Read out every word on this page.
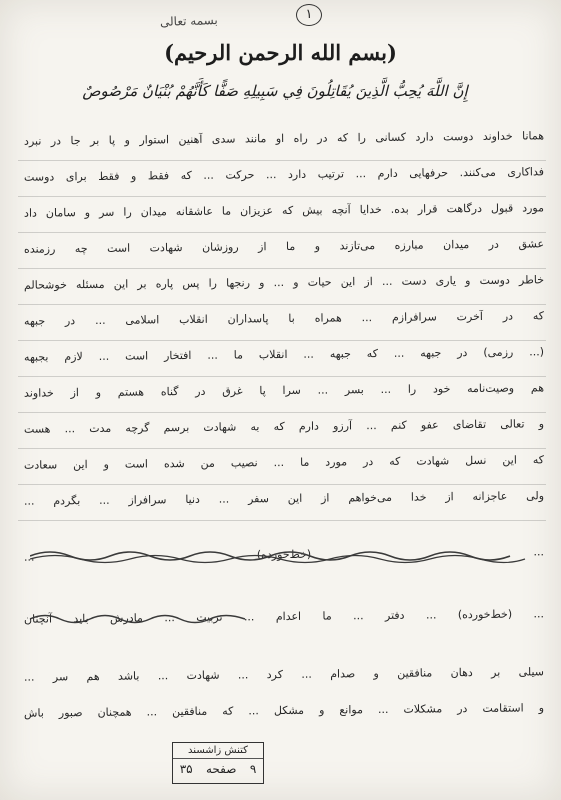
بسمه تعالی	۱
(بسم الله الرحمن الرحیم)
إِنَّ اللَّهَ يُحِبُّ الَّذِينَ يُقَاتِلُونَ فِي سَبِيلِهِ صَفًّا كَأَنَّهُمْ بُنْيَانٌ مَرْصُوصٌ
همانا خداوند دوست دارد کسانی را که در راه او مانند سدی آهنین استوار و پا بر جا در نبرد
فداکاری می‌کنند. حرفهایی دارم ... ترتیب دارد ... حرکت ... که فقط و فقط برای دوست
مورد قبول درگاهت قرار بده. خدایا آنچه بیش که عزیزان ما عاشقانه میدان را سر و سامان داد
عشق در میدان مبارزه می‌تازند و ما از روزشان شهادت است چه رزمنده
خاطر دوست و یاری دست ... از این حیات و ... و رنجها را پس پاره بر این مسئله خوشحالم
که در آخرت سرافرازم ... همراه با پاسداران انقلاب اسلامی ... در جبهه
(... رزمی) در جبهه ... که جبهه ... انقلاب ما ... افتخار است ... لازم بجبهه
هم وصیت‌نامه خود را ... بسر ... سرا پا غرق در گناه هستم و از خداوند
و تعالی تقاضای عفو کنم ... آرزو دارم که به شهادت برسم گرچه مدت ... هست
که این نسل شهادت که در مورد ما ... نصیب من شده است و این سعادت
ولی عاجزانه از خدا می‌خواهم از این سفر ... دنیا سرافراز ... بگردم ...
... (خط‌خورده) ...
... (خط‌خورده) ... دفتر ... ما اعدام ... تربیت ... مادرش باید آنچنان
سیلی بر دهان منافقین و صدام ... کرد ... شهادت ... باشد هم سر ...
و استقامت در مشکلات ... موانع و مشکل ... که منافقین ... همچنان صبور باش
کتنش زاشسند
۳۵ صفحه ۹
